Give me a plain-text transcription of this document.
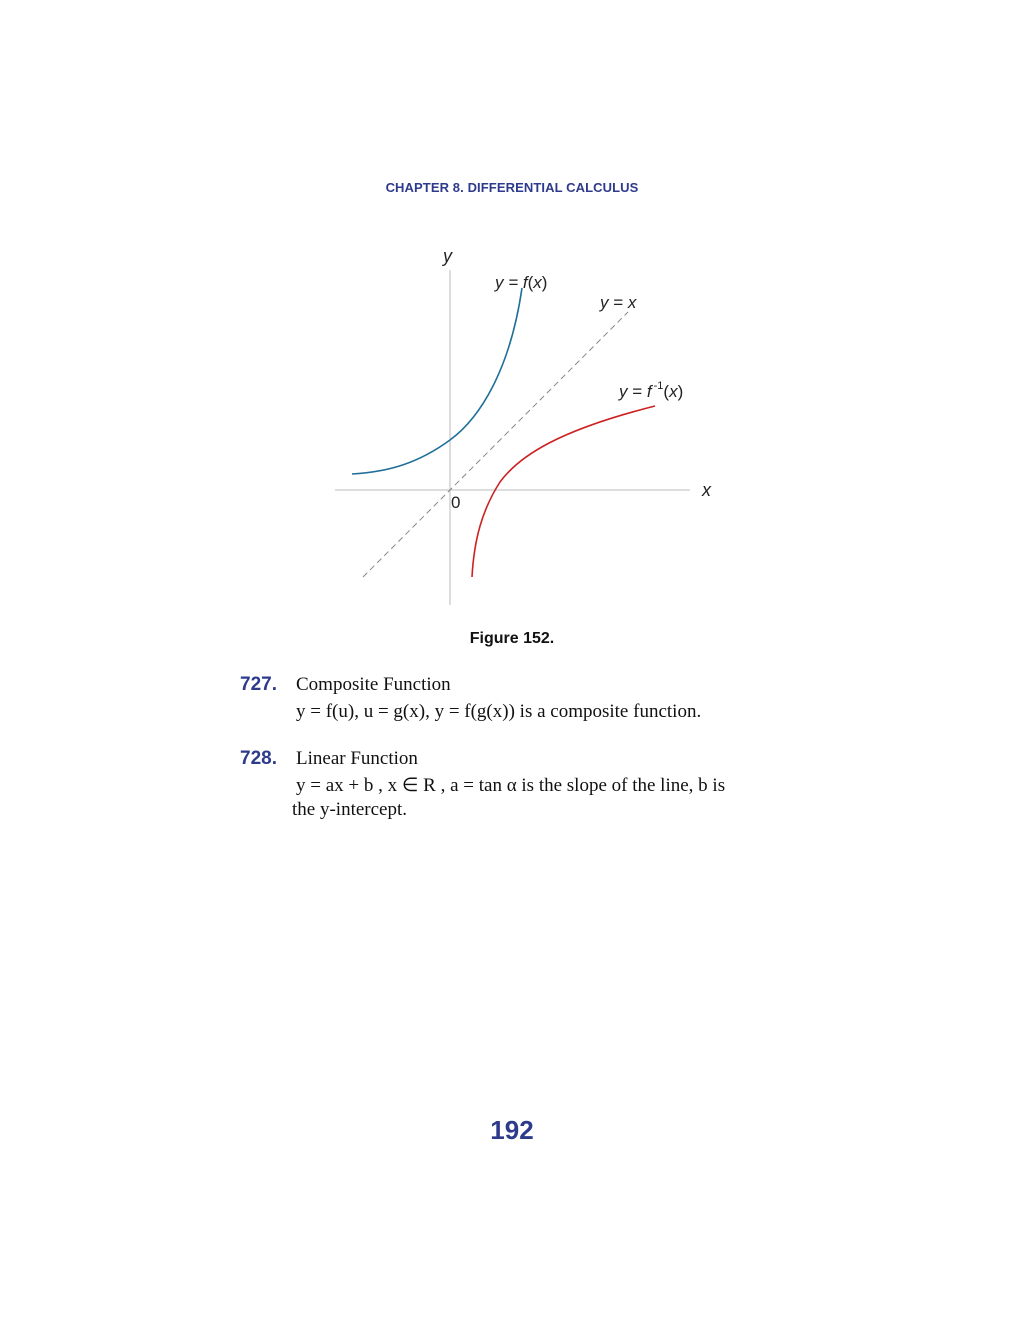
CHAPTER 8. DIFFERENTIAL CALCULUS
y
x
0
y = f(x)
y = x
y = f $^{-1}$(x)
Figure 152.
727. Composite Function
y = f(u), u = g(x), y = f(g(x)) is a composite function.
728. Linear Function
y = ax + b , x ∈ R , a = tan α is the slope of the line, b is
the y-intercept.
192
